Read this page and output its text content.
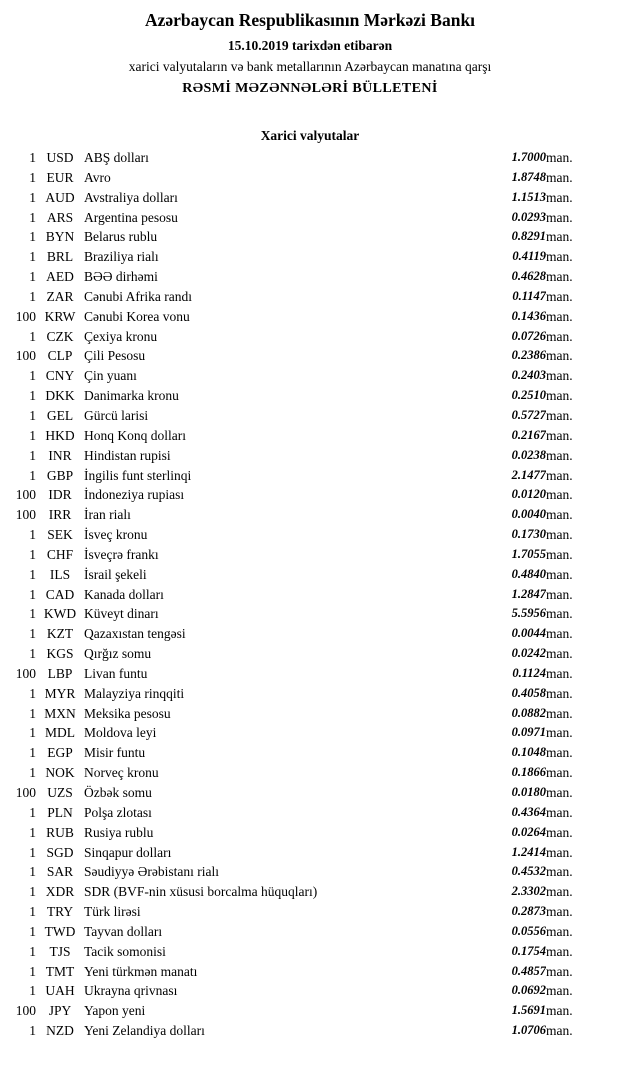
Azərbaycan Respublikasının Mərkəzi Bankı
15.10.2019 tarixdən etibarən
xarici valyutaların və bank metallarının Azərbaycan manatına qarşı
RƏSMİ MƏZƏNNƏLƏRİ BÜLLETENİ
Xarici valyutalar
1	USD	ABŞ dolları	1.7000	man.
1	EUR	Avro	1.8748	man.
1	AUD	Avstraliya dolları	1.1513	man.
1	ARS	Argentina pesosu	0.0293	man.
1	BYN	Belarus rublu	0.8291	man.
1	BRL	Braziliya rialı	0.4119	man.
1	AED	BƏƏ dirhəmi	0.4628	man.
1	ZAR	Cənubi Afrika randı	0.1147	man.
100	KRW	Cənubi Korea vonu	0.1436	man.
1	CZK	Çexiya kronu	0.0726	man.
100	CLP	Çili Pesosu	0.2386	man.
1	CNY	Çin yuanı	0.2403	man.
1	DKK	Danimarka kronu	0.2510	man.
1	GEL	Gürcü larisi	0.5727	man.
1	HKD	Honq Konq dolları	0.2167	man.
1	INR	Hindistan rupisi	0.0238	man.
1	GBP	İngilis funt sterlinqi	2.1477	man.
100	IDR	İndoneziya rupiası	0.0120	man.
100	IRR	İran rialı	0.0040	man.
1	SEK	İsveç kronu	0.1730	man.
1	CHF	İsveçrə frankı	1.7055	man.
1	ILS	İsrail şekeli	0.4840	man.
1	CAD	Kanada dolları	1.2847	man.
1	KWD	Küveyt dinarı	5.5956	man.
1	KZT	Qazaxıstan tengəsi	0.0044	man.
1	KGS	Qırğız somu	0.0242	man.
100	LBP	Livan funtu	0.1124	man.
1	MYR	Malayziya rinqqiti	0.4058	man.
1	MXN	Meksika pesosu	0.0882	man.
1	MDL	Moldova leyi	0.0971	man.
1	EGP	Misir funtu	0.1048	man.
1	NOK	Norveç kronu	0.1866	man.
100	UZS	Özbək somu	0.0180	man.
1	PLN	Polşa zlotası	0.4364	man.
1	RUB	Rusiya rublu	0.0264	man.
1	SGD	Sinqapur dolları	1.2414	man.
1	SAR	Səudiyyə Ərəbistanı rialı	0.4532	man.
1	XDR	SDR (BVF-nin xüsusi borcalma hüquqları)	2.3302	man.
1	TRY	Türk lirəsi	0.2873	man.
1	TWD	Tayvan dolları	0.0556	man.
1	TJS	Tacik somonisi	0.1754	man.
1	TMT	Yeni türkmən manatı	0.4857	man.
1	UAH	Ukrayna qrivnası	0.0692	man.
100	JPY	Yapon yeni	1.5691	man.
1	NZD	Yeni Zelandiya dolları	1.0706	man.
